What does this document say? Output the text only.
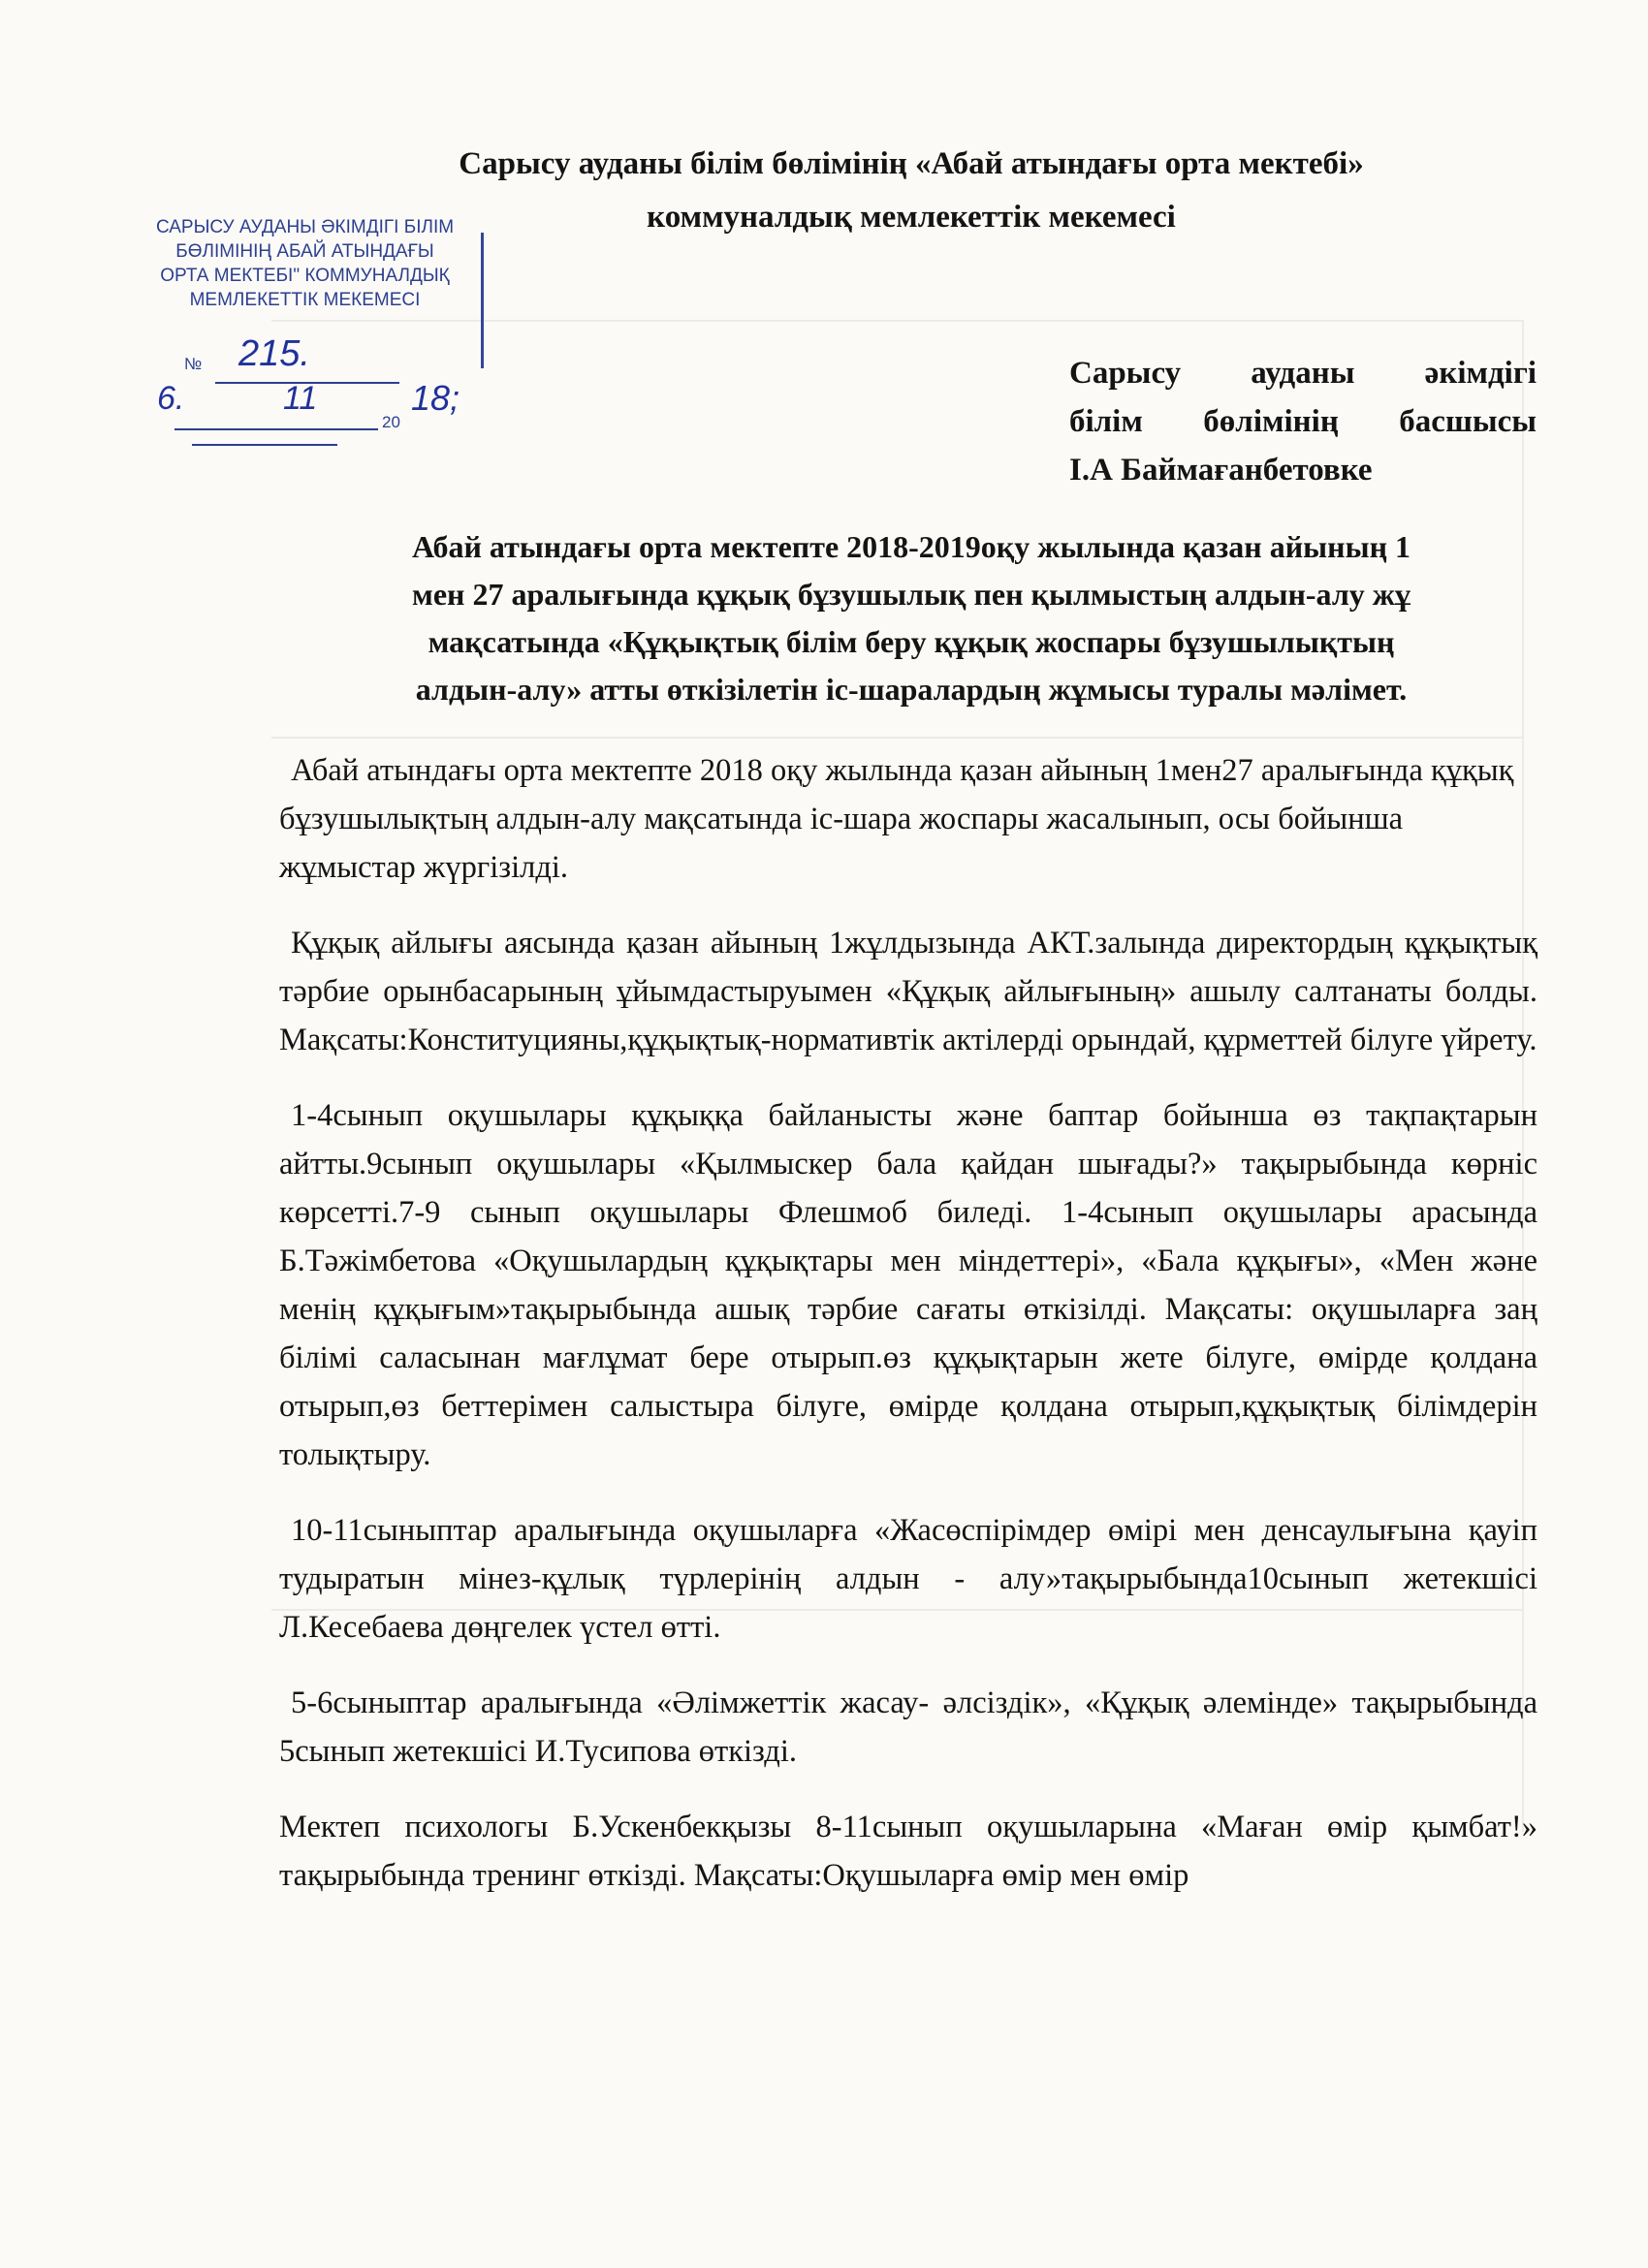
Сарысу ауданы білім бөлімінің «Абай атындағы орта мектебі»
коммуналдық мемлекеттік мекемесі
САРЫСУ АУДАНЫ ӘКІМДІГІ БІЛІМ
БӨЛІМІНІҢ АБАЙ АТЫНДАҒЫ
ОРТА МЕКТЕБІ" КОММУНАЛДЫҚ
МЕМЛЕКЕТТІК МЕКЕМЕСІ
№ 215.
6.	11
20
18;
Сарысу ауданы әкімдігі
білім бөлімінің басшысы
І.А Баймағанбетовке
Абай атындағы орта мектепте 2018-2019оқу жылында қазан айының 1
мен 27 аралығында құқық бұзушылық пен қылмыстың алдын-алу жұ
мақсатында «Құқықтық білім беру құқық жоспары бұзушылықтың
алдын-алу» атты өткізілетін іс-шаралардың жұмысы туралы мәлімет.

Абай атындағы орта мектепте 2018 оқу жылында қазан айының 1мен27 аралығында құқық бұзушылықтың алдын-алу мақсатында іс-шара жоспары жасалынып, осы бойынша жұмыстар жүргізілді.

Құқық айлығы аясында қазан айының 1жұлдызында АКТ.залында директордың құқықтық тәрбие орынбасарының ұйымдастыруымен «Құқық айлығының» ашылу салтанаты болды. Мақсаты:Конституцияны,құқықтық-нормативтік актілерді орындай, құрметтей білуге үйрету.

1-4сынып оқушылары құқыққа байланысты және баптар бойынша өз тақпақтарын айтты.9сынып оқушылары «Қылмыскер бала қайдан шығады?» тақырыбында көрніс көрсетті.7-9 сынып оқушылары Флешмоб биледі. 1-4сынып оқушылары арасында Б.Тәжімбетова «Оқушылардың құқықтары мен міндеттері», «Бала құқығы», «Мен және менің құқығым»тақырыбында ашық тәрбие сағаты өткізілді. Мақсаты: оқушыларға заң білімі саласынан мағлұмат бере отырып.өз құқықтарын жете білуге, өмірде қолдана отырып,өз беттерімен салыстыра білуге, өмірде қолдана отырып,құқықтық білімдерін толықтыру.

10-11сыныптар аралығында оқушыларға «Жасөспірімдер өмірі мен денсаулығына қауіп тудыратын мінез-құлық түрлерінің алдын - алу»тақырыбында10сынып жетекшісі Л.Кесебаева дөңгелек үстел өтті.

5-6сыныптар аралығында «Әлімжеттік жасау- әлсіздік», «Құқық әлемінде» тақырыбында 5сынып жетекшісі И.Тусипова өткізді.

Мектеп психологы Б.Ускенбекқызы 8-11сынып оқушыларына «Маған өмір қымбат!» тақырыбында тренинг өткізді. Мақсаты:Оқушыларға өмір мен өмір
